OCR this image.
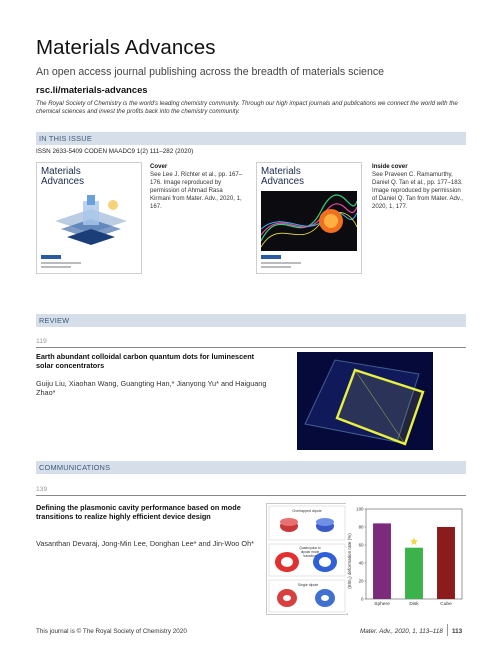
Materials Advances
An open access journal publishing across the breadth of materials science
rsc.li/materials-advances
The Royal Society of Chemistry is the world's leading chemistry community. Through our high impact journals and publications we connect the world with the chemical sciences and invest the profits back into the chemistry community.
IN THIS ISSUE
ISSN 2633-5409 CODEN MAADC9 1(2) 111–282 (2020)
Materials
Advances
Cover
See Lee J. Richter et al., pp. 167–176. Image reproduced by permission of Ahmad Rasa Kirmani from Mater. Adv., 2020, 1, 167.
Materials
Advances
Inside cover
See Praveen C. Ramamurthy, Daniel Q. Tan et al., pp. 177–183. Image reproduced by permission of Daniel Q. Tan from Mater. Adv., 2020, 1, 177.
REVIEW
119
Earth abundant colloidal carbon quantum dots for luminescent solar concentrators
Guiju Liu, Xiaohan Wang, Guangting Han,* Jianyong Yu* and Haiguang Zhao*
COMMUNICATIONS
139
Defining the plasmonic cavity performance based on mode transitions to realize highly efficient device design
Vasanthan Devaraj, Jong-Min Lee, Donghan Lee* and Jin-Woo Oh*
Overlapped dipole
Quadrupolar to dipolar mode transition
Single dipole	(E/E₀) deformation rate (%)
0
20
40
60
80
100
Sphere	Disk	Cube
This journal is © The Royal Society of Chemistry 2020	Mater. Adv., 2020, 1, 113–118 113
